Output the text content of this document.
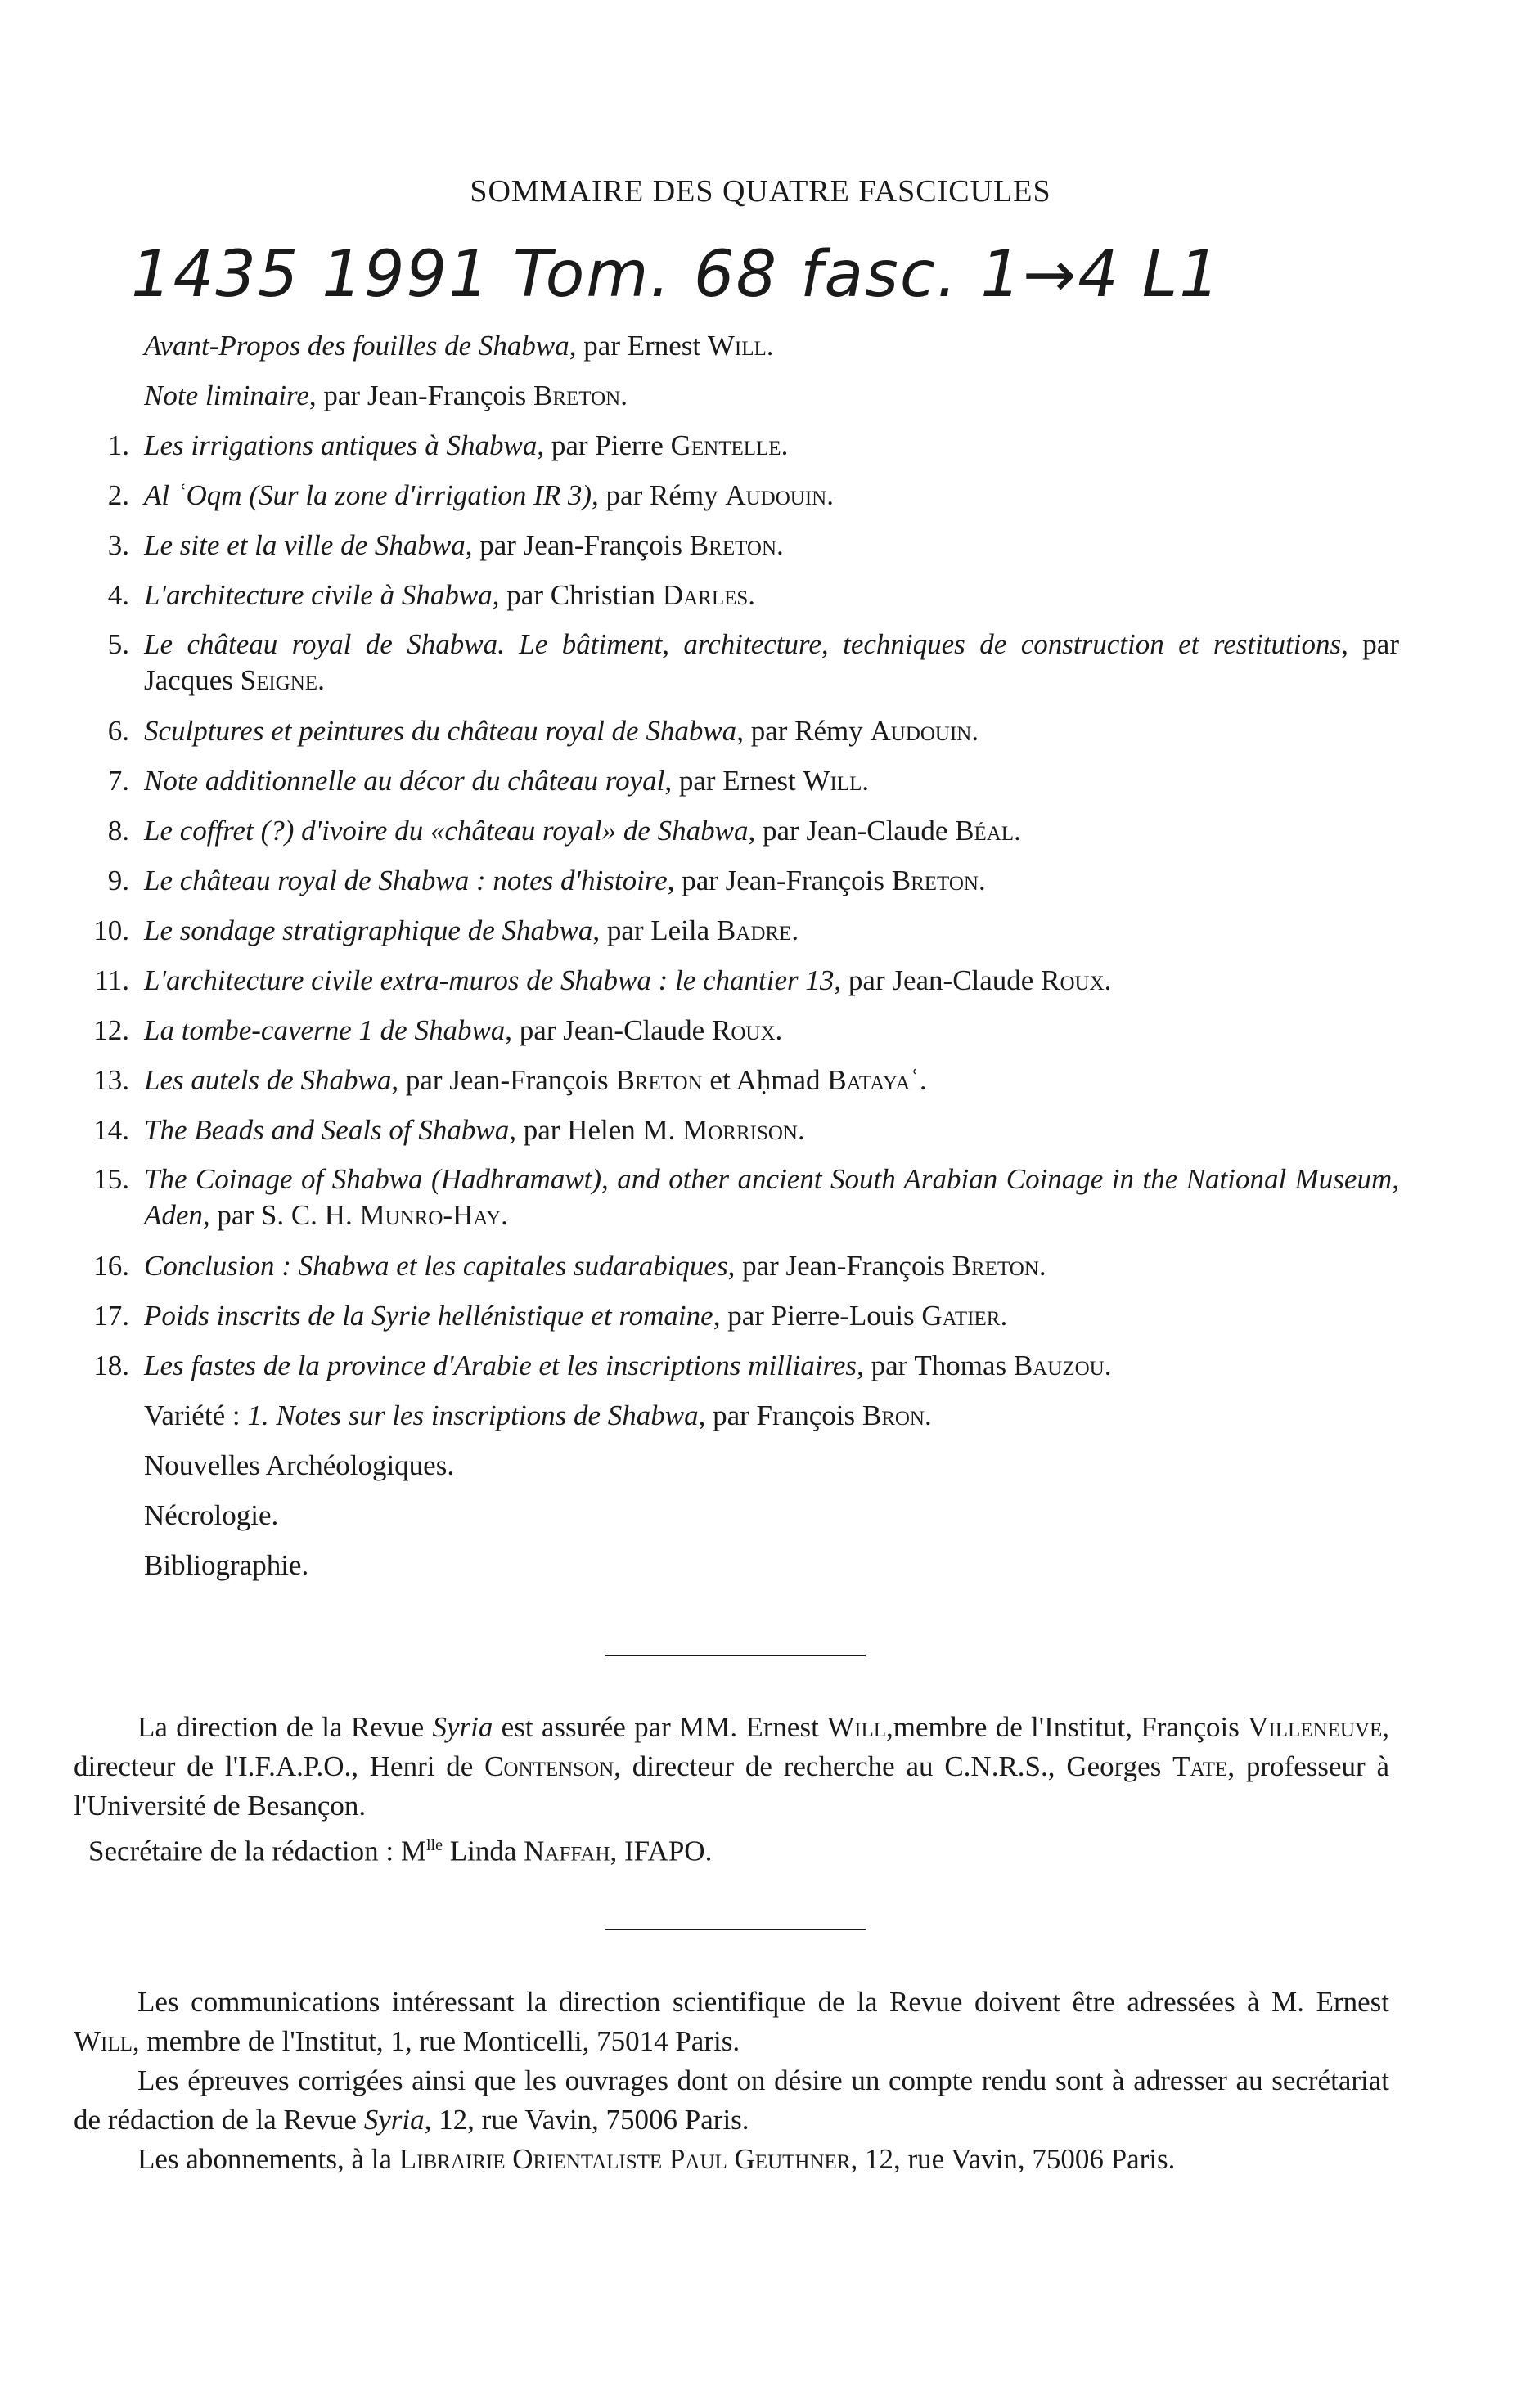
SOMMAIRE DES QUATRE FASCICULES
1435 1991 Tom. 68 fasc. 1→4 L1
Avant-Propos des fouilles de Shabwa, par Ernest Will.
Note liminaire, par Jean-François Breton.
1. Les irrigations antiques à Shabwa, par Pierre Gentelle.
2. Al ʿOqm (Sur la zone d'irrigation IR 3), par Rémy Audouin.
3. Le site et la ville de Shabwa, par Jean-François Breton.
4. L'architecture civile à Shabwa, par Christian Darles.
5. Le château royal de Shabwa. Le bâtiment, architecture, techniques de construction et restitutions, par Jacques Seigne.
6. Sculptures et peintures du château royal de Shabwa, par Rémy Audouin.
7. Note additionnelle au décor du château royal, par Ernest Will.
8. Le coffret (?) d'ivoire du «château royal» de Shabwa, par Jean-Claude Béal.
9. Le château royal de Shabwa : notes d'histoire, par Jean-François Breton.
10. Le sondage stratigraphique de Shabwa, par Leila Badre.
11. L'architecture civile extra-muros de Shabwa : le chantier 13, par Jean-Claude Roux.
12. La tombe-caverne 1 de Shabwa, par Jean-Claude Roux.
13. Les autels de Shabwa, par Jean-François Breton et Aḥmad Batayaʿ.
14. The Beads and Seals of Shabwa, par Helen M. Morrison.
15. The Coinage of Shabwa (Hadhramawt), and other ancient South Arabian Coinage in the National Museum, Aden, par S. C. H. Munro-Hay.
16. Conclusion : Shabwa et les capitales sudarabiques, par Jean-François Breton.
17. Poids inscrits de la Syrie hellénistique et romaine, par Pierre-Louis Gatier.
18. Les fastes de la province d'Arabie et les inscriptions milliaires, par Thomas Bauzou.
Variété : 1. Notes sur les inscriptions de Shabwa, par François Bron.
Nouvelles Archéologiques.
Nécrologie.
Bibliographie.

La direction de la Revue Syria est assurée par MM. Ernest Will,membre de l'Institut, François Villeneuve, directeur de l'I.F.A.P.O., Henri de Contenson, directeur de recherche au C.N.R.S., Georges Tate, professeur à l'Université de Besançon.

Secrétaire de la rédaction : $M^{lle}$ Linda Naffah, IFAPO.

Les communications intéressant la direction scientifique de la Revue doivent être adressées à M. Ernest Will, membre de l'Institut, 1, rue Monticelli, 75014 Paris.

Les épreuves corrigées ainsi que les ouvrages dont on désire un compte rendu sont à adresser au secrétariat de rédaction de la Revue Syria, 12, rue Vavin, 75006 Paris.

Les abonnements, à la Librairie Orientaliste Paul Geuthner, 12, rue Vavin, 75006 Paris.
